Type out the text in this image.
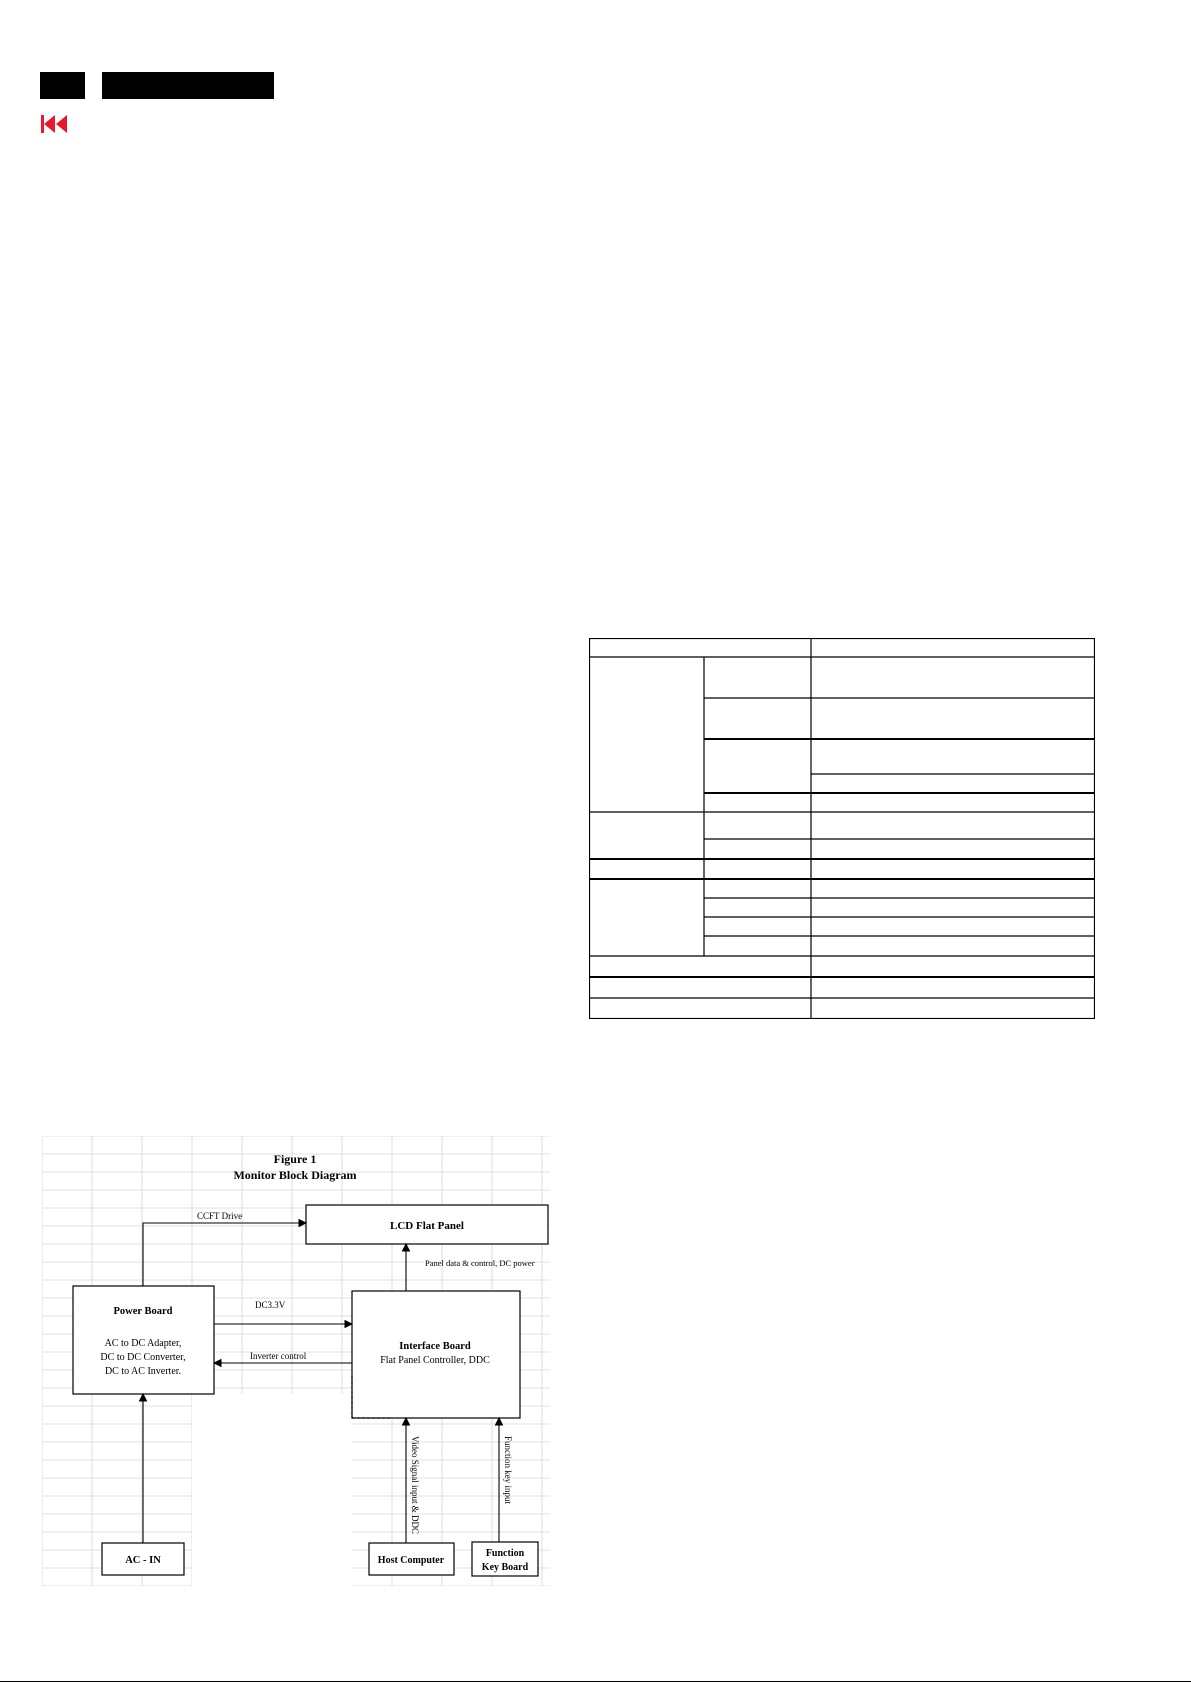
Figure 1
Monitor Block Diagram
LCD Flat Panel
Power Board
AC to DC Adapter,
DC to DC Converter,
DC to AC Inverter.
Interface Board
Flat Panel Controller, DDC
AC - IN	Host Computer
Function
Key Board
CCFT Drive
Panel data & control, DC power
DC3.3V
Inverter control
Video Signal input & DDC	Function key input
